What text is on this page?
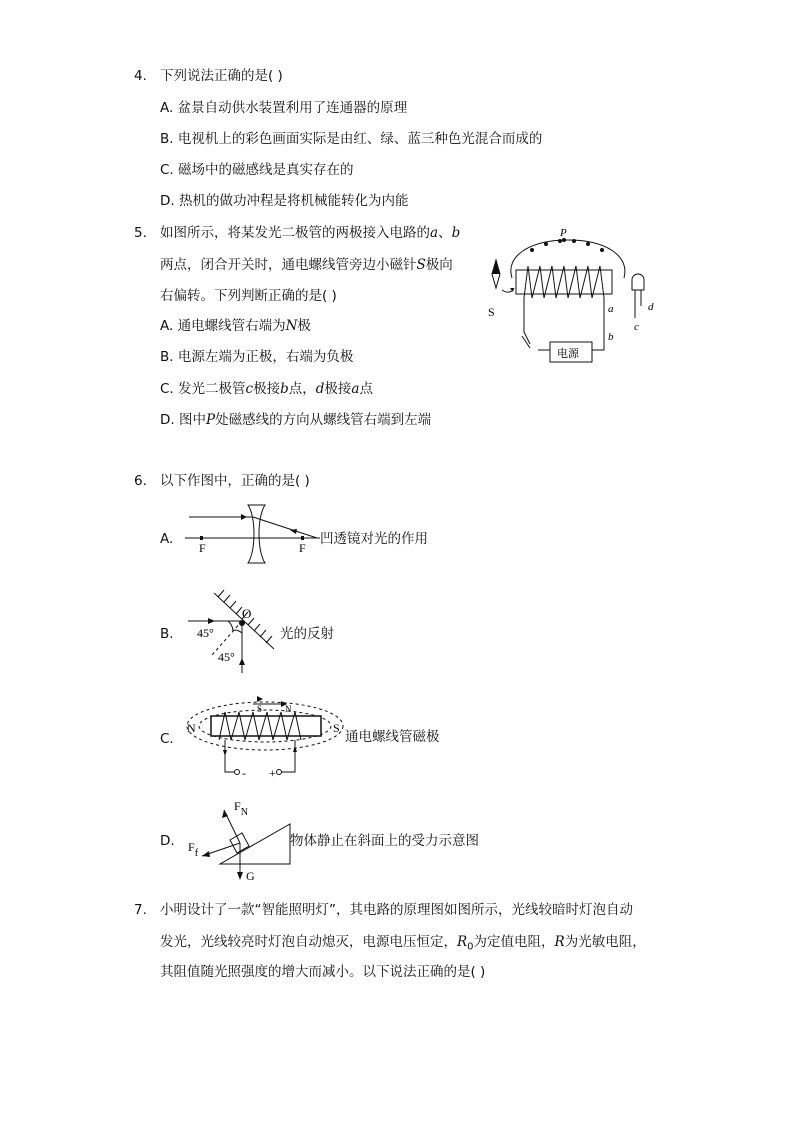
4. 下列说法正确的是( )
A. 盆景自动供水装置利用了连通器的原理
B. 电视机上的彩色画面实际是由红、绿、蓝三种色光混合而成的
C. 磁场中的磁感线是真实存在的
D. 热机的做功冲程是将机械能转化为内能
5. 如图所示，将某发光二极管的两极接入电路的a、b
两点，闭合开关时，通电螺线管旁边小磁针S极向
右偏转。下列判断正确的是( )
A. 通电螺线管右端为N极
B. 电源左端为正极，右端为负极
C. 发光二极管c极接b点，d极接a点
D. 图中P处磁感线的方向从螺线管右端到左端
P
S	a
b
c
d
电源
6. 以下作图中，正确的是( )
A.
F	F
凹透镜对光的作用
B.
O
45°
45°
光的反射
C.
N	S
S	N
- +
通电螺线管磁极
D.
$F_N$
$F_f$
G
物体静止在斜面上的受力示意图
7. 小明设计了一款“智能照明灯”，其电路的原理图如图所示，光线较暗时灯泡自动
发光，光线较亮时灯泡自动熄灭，电源电压恒定，$R_0$为定值电阻，R为光敏电阻，
其阻值随光照强度的增大而减小。以下说法正确的是( )
